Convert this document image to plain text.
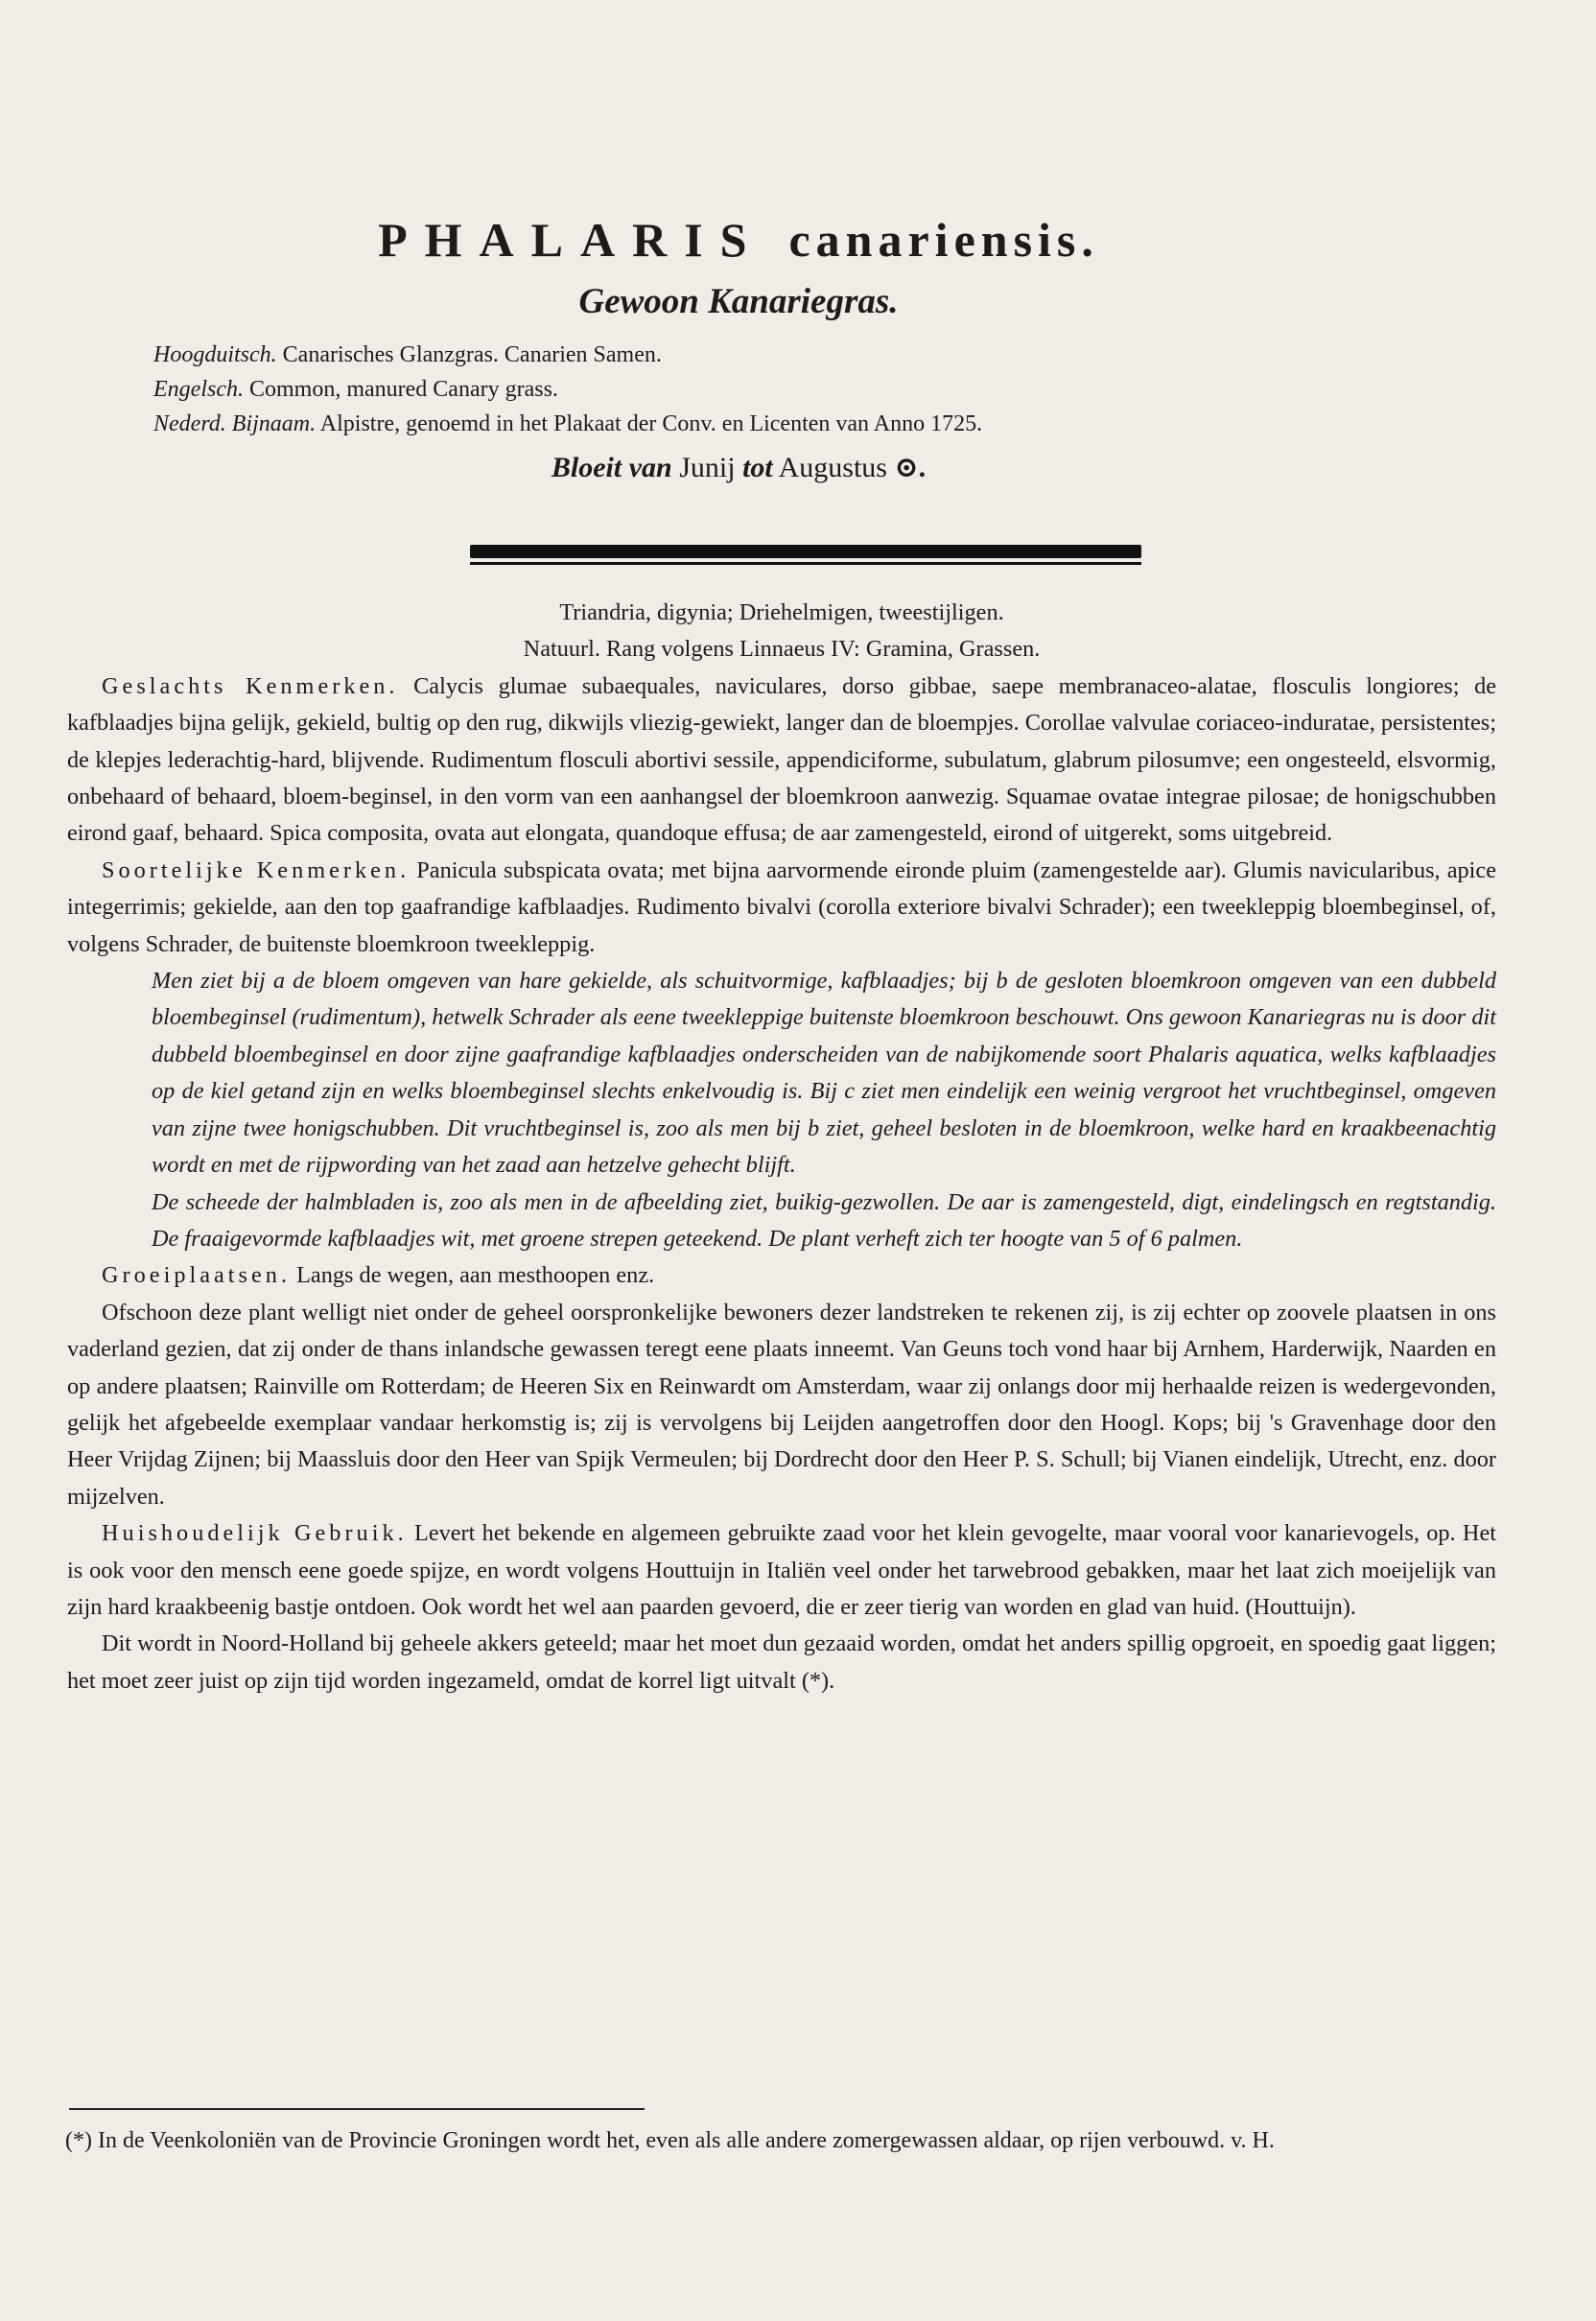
PHALARIS canariensis.
Gewoon Kanariegras.
Hoogduitsch. Canarisches Glanzgras. Canarien Samen.
Engelsch. Common, manured Canary grass.
Nederd. Bijnaam. Alpistre, genoemd in het Plakaat der Conv. en Licenten van Anno 1725.
Bloeit van Junij tot Augustus ⊙.

Triandria, digynia; Driehelmigen, tweestijligen.

Natuurl. Rang volgens Linnaeus IV: Gramina, Grassen.

Geslachts Kenmerken. Calycis glumae subaequales, naviculares, dorso gibbae, saepe membranaceo-alatae, flosculis longiores; de kafblaadjes bijna gelijk, gekield, bultig op den rug, dikwijls vliezig-gewiekt, langer dan de bloempjes. Corollae valvulae coriaceo-induratae, persistentes; de klepjes lederachtig-hard, blijvende. Rudimentum flosculi abortivi sessile, appendiciforme, subulatum, glabrum pilosumve; een ongesteeld, elsvormig, onbehaard of behaard, bloem-beginsel, in den vorm van een aanhangsel der bloemkroon aanwezig. Squamae ovatae integrae pilosae; de honigschubben eirond gaaf, behaard. Spica composita, ovata aut elongata, quandoque effusa; de aar zamengesteld, eirond of uitgerekt, soms uitgebreid.

Soortelijke Kenmerken. Panicula subspicata ovata; met bijna aarvormende eironde pluim (zamengestelde aar). Glumis navicularibus, apice integerrimis; gekielde, aan den top gaafrandige kafblaadjes. Rudimento bivalvi (corolla exteriore bivalvi Schrader); een tweekleppig bloembeginsel, of, volgens Schrader, de buitenste bloemkroon tweekleppig.

Men ziet bij a de bloem omgeven van hare gekielde, als schuitvormige, kafblaadjes; bij b de gesloten bloemkroon omgeven van een dubbeld bloembeginsel (rudimentum), hetwelk Schrader als eene tweekleppige buitenste bloemkroon beschouwt. Ons gewoon Kanariegras nu is door dit dubbeld bloembeginsel en door zijne gaafrandige kafblaadjes onderscheiden van de nabijkomende soort Phalaris aquatica, welks kafblaadjes op de kiel getand zijn en welks bloembeginsel slechts enkelvoudig is. Bij c ziet men eindelijk een weinig vergroot het vruchtbeginsel, omgeven van zijne twee honigschubben. Dit vruchtbeginsel is, zoo als men bij b ziet, geheel besloten in de bloemkroon, welke hard en kraakbeenachtig wordt en met de rijpwording van het zaad aan hetzelve gehecht blijft.

De scheede der halmbladen is, zoo als men in de afbeelding ziet, buikig-gezwollen. De aar is zamengesteld, digt, eindelingsch en regtstandig. De fraaigevormde kafblaadjes wit, met groene strepen geteekend. De plant verheft zich ter hoogte van 5 of 6 palmen.

Groeiplaatsen. Langs de wegen, aan mesthoopen enz.

Ofschoon deze plant welligt niet onder de geheel oorspronkelijke bewoners dezer landstreken te rekenen zij, is zij echter op zoovele plaatsen in ons vaderland gezien, dat zij onder de thans inlandsche gewassen teregt eene plaats inneemt. Van Geuns toch vond haar bij Arnhem, Harderwijk, Naarden en op andere plaatsen; Rainville om Rotterdam; de Heeren Six en Reinwardt om Amsterdam, waar zij onlangs door mij herhaalde reizen is wedergevonden, gelijk het afgebeelde exemplaar vandaar herkomstig is; zij is vervolgens bij Leijden aangetroffen door den Hoogl. Kops; bij 's Gravenhage door den Heer Vrijdag Zijnen; bij Maassluis door den Heer van Spijk Vermeulen; bij Dordrecht door den Heer P. S. Schull; bij Vianen eindelijk, Utrecht, enz. door mijzelven.

Huishoudelijk Gebruik. Levert het bekende en algemeen gebruikte zaad voor het klein gevogelte, maar vooral voor kanarievogels, op. Het is ook voor den mensch eene goede spijze, en wordt volgens Houttuijn in Italiën veel onder het tarwebrood gebakken, maar het laat zich moeijelijk van zijn hard kraakbeenig bastje ontdoen. Ook wordt het wel aan paarden gevoerd, die er zeer tierig van worden en glad van huid. (Houttuijn).

Dit wordt in Noord-Holland bij geheele akkers geteeld; maar het moet dun gezaaid worden, omdat het anders spillig opgroeit, en spoedig gaat liggen; het moet zeer juist op zijn tijd worden ingezameld, omdat de korrel ligt uitvalt (*).

(*) In de Veenkoloniën van de Provincie Groningen wordt het, even als alle andere zomergewassen aldaar, op rijen verbouwd. v. H.
